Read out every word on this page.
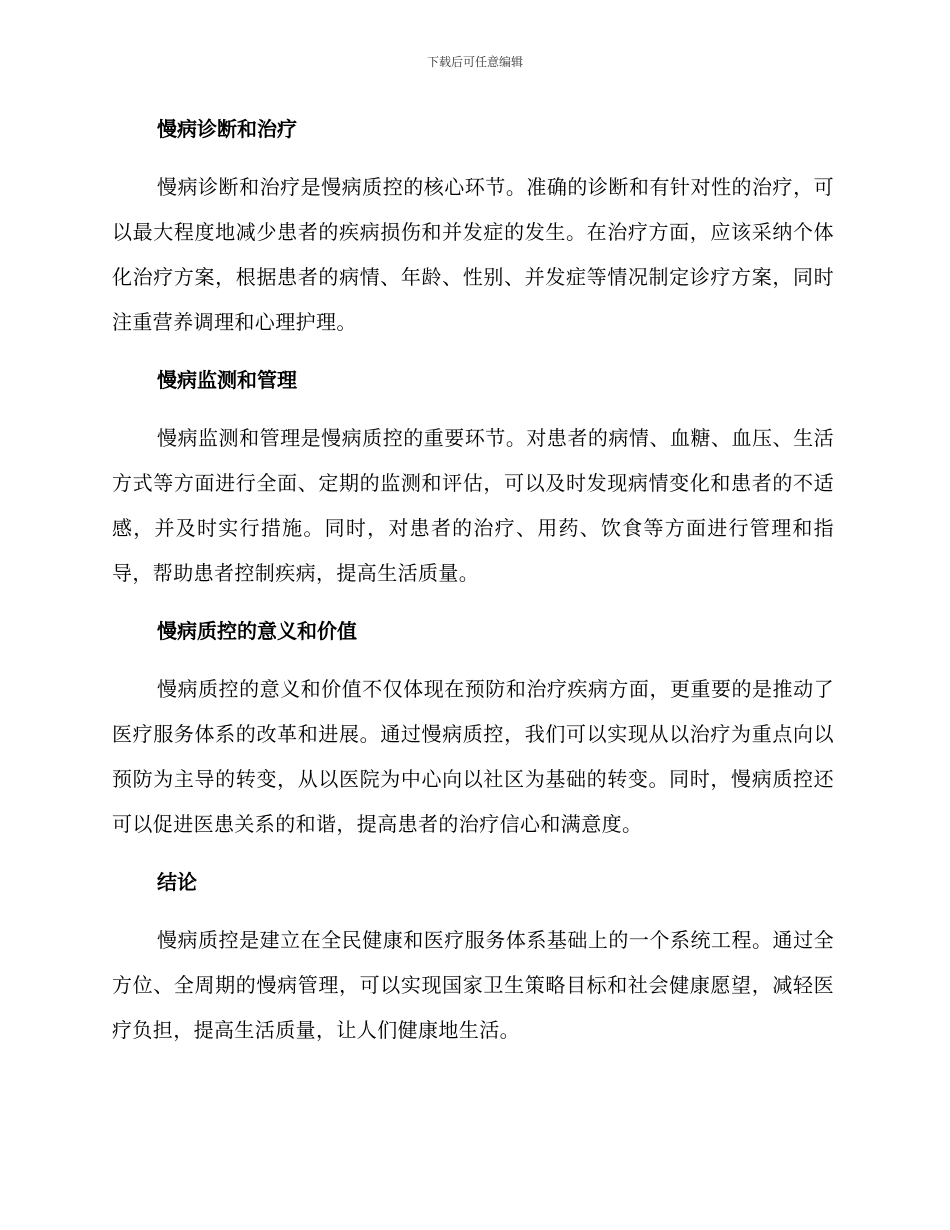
下载后可任意编辑
慢病诊断和治疗

慢病诊断和治疗是慢病质控的核心环节。准确的诊断和有针对性的治疗，可以最大程度地减少患者的疾病损伤和并发症的发生。在治疗方面，应该采纳个体化治疗方案，根据患者的病情、年龄、性别、并发症等情况制定诊疗方案，同时注重营养调理和心理护理。

慢病监测和管理

慢病监测和管理是慢病质控的重要环节。对患者的病情、血糖、血压、生活方式等方面进行全面、定期的监测和评估，可以及时发现病情变化和患者的不适感，并及时实行措施。同时，对患者的治疗、用药、饮食等方面进行管理和指导，帮助患者控制疾病，提高生活质量。

慢病质控的意义和价值

慢病质控的意义和价值不仅体现在预防和治疗疾病方面，更重要的是推动了医疗服务体系的改革和进展。通过慢病质控，我们可以实现从以治疗为重点向以预防为主导的转变，从以医院为中心向以社区为基础的转变。同时，慢病质控还可以促进医患关系的和谐，提高患者的治疗信心和满意度。

结论

慢病质控是建立在全民健康和医疗服务体系基础上的一个系统工程。通过全方位、全周期的慢病管理，可以实现国家卫生策略目标和社会健康愿望，减轻医疗负担，提高生活质量，让人们健康地生活。
